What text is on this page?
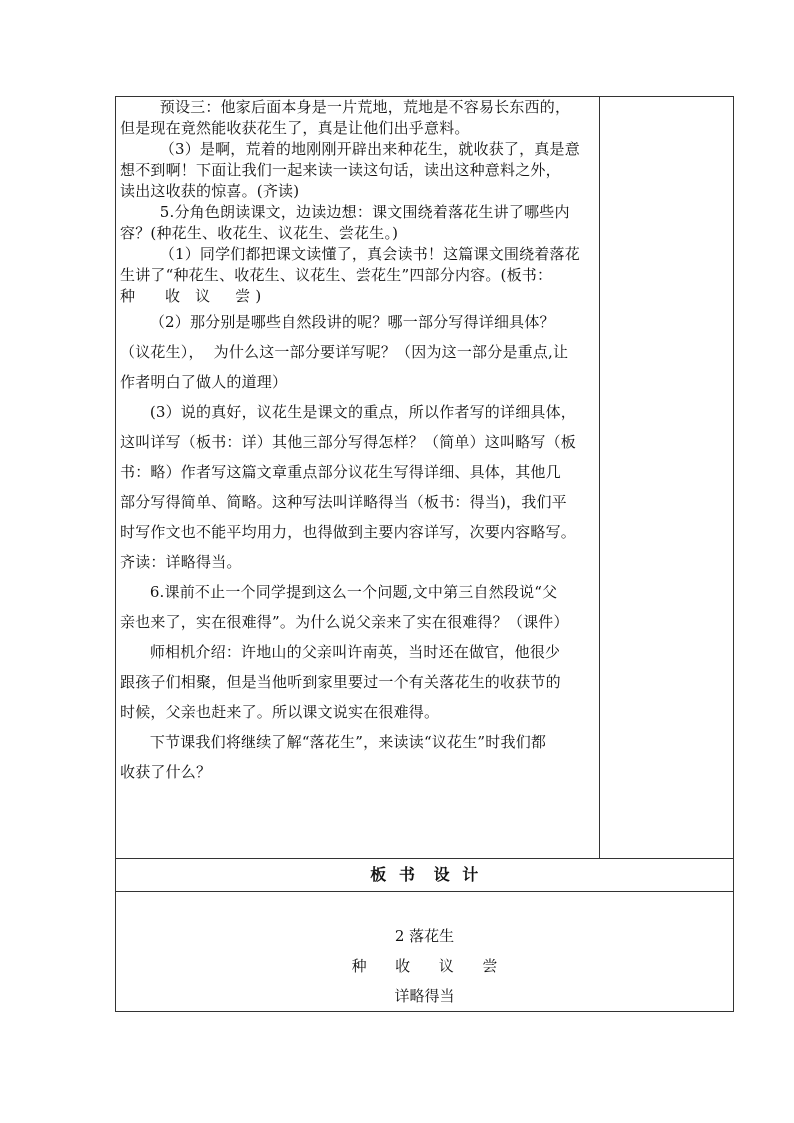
预设三：他家后面本身是一片荒地，荒地是不容易长东西的，

但是现在竟然能收获花生了，真是让他们出乎意料。

（3）是啊，荒着的地刚刚开辟出来种花生，就收获了，真是意

想不到啊！下面让我们一起来读一读这句话，读出这种意料之外，

读出这收获的惊喜。(齐读)

5.分角色朗读课文，边读边想：课文围绕着落花生讲了哪些内

容？(种花生、收花生、议花生、尝花生。)

（1）同学们都把课文读懂了，真会读书！这篇课文围绕着落花

生讲了“种花生、收花生、议花生、尝花生”四部分内容。(板书：

种      收   议     尝 )

（2）那分别是哪些自然段讲的呢？哪一部分写得详细具体？

（议花生），  为什么这一部分要详写呢？（因为这一部分是重点,让

作者明白了做人的道理）

(3）说的真好，议花生是课文的重点，所以作者写的详细具体，

这叫详写（板书：详）其他三部分写得怎样？（简单）这叫略写（板

书：略）作者写这篇文章重点部分议花生写得详细、具体，其他几

部分写得简单、简略。这种写法叫详略得当（板书：得当)，我们平

时写作文也不能平均用力，也得做到主要内容详写，次要内容略写。

齐读：详略得当。

6.课前不止一个同学提到这么一个问题,文中第三自然段说“父

亲也来了，实在很难得”。为什么说父亲来了实在很难得？（课件）

师相机介绍：许地山的父亲叫许南英，当时还在做官，他很少

跟孩子们相聚，但是当他听到家里要过一个有关落花生的收获节的

时候，父亲也赶来了。所以课文说实在很难得。

下节课我们将继续了解“落花生”，来读读“议花生”时我们都

收获了什么？

板  书   设  计
2 落花生
种      收      议      尝
详略得当
